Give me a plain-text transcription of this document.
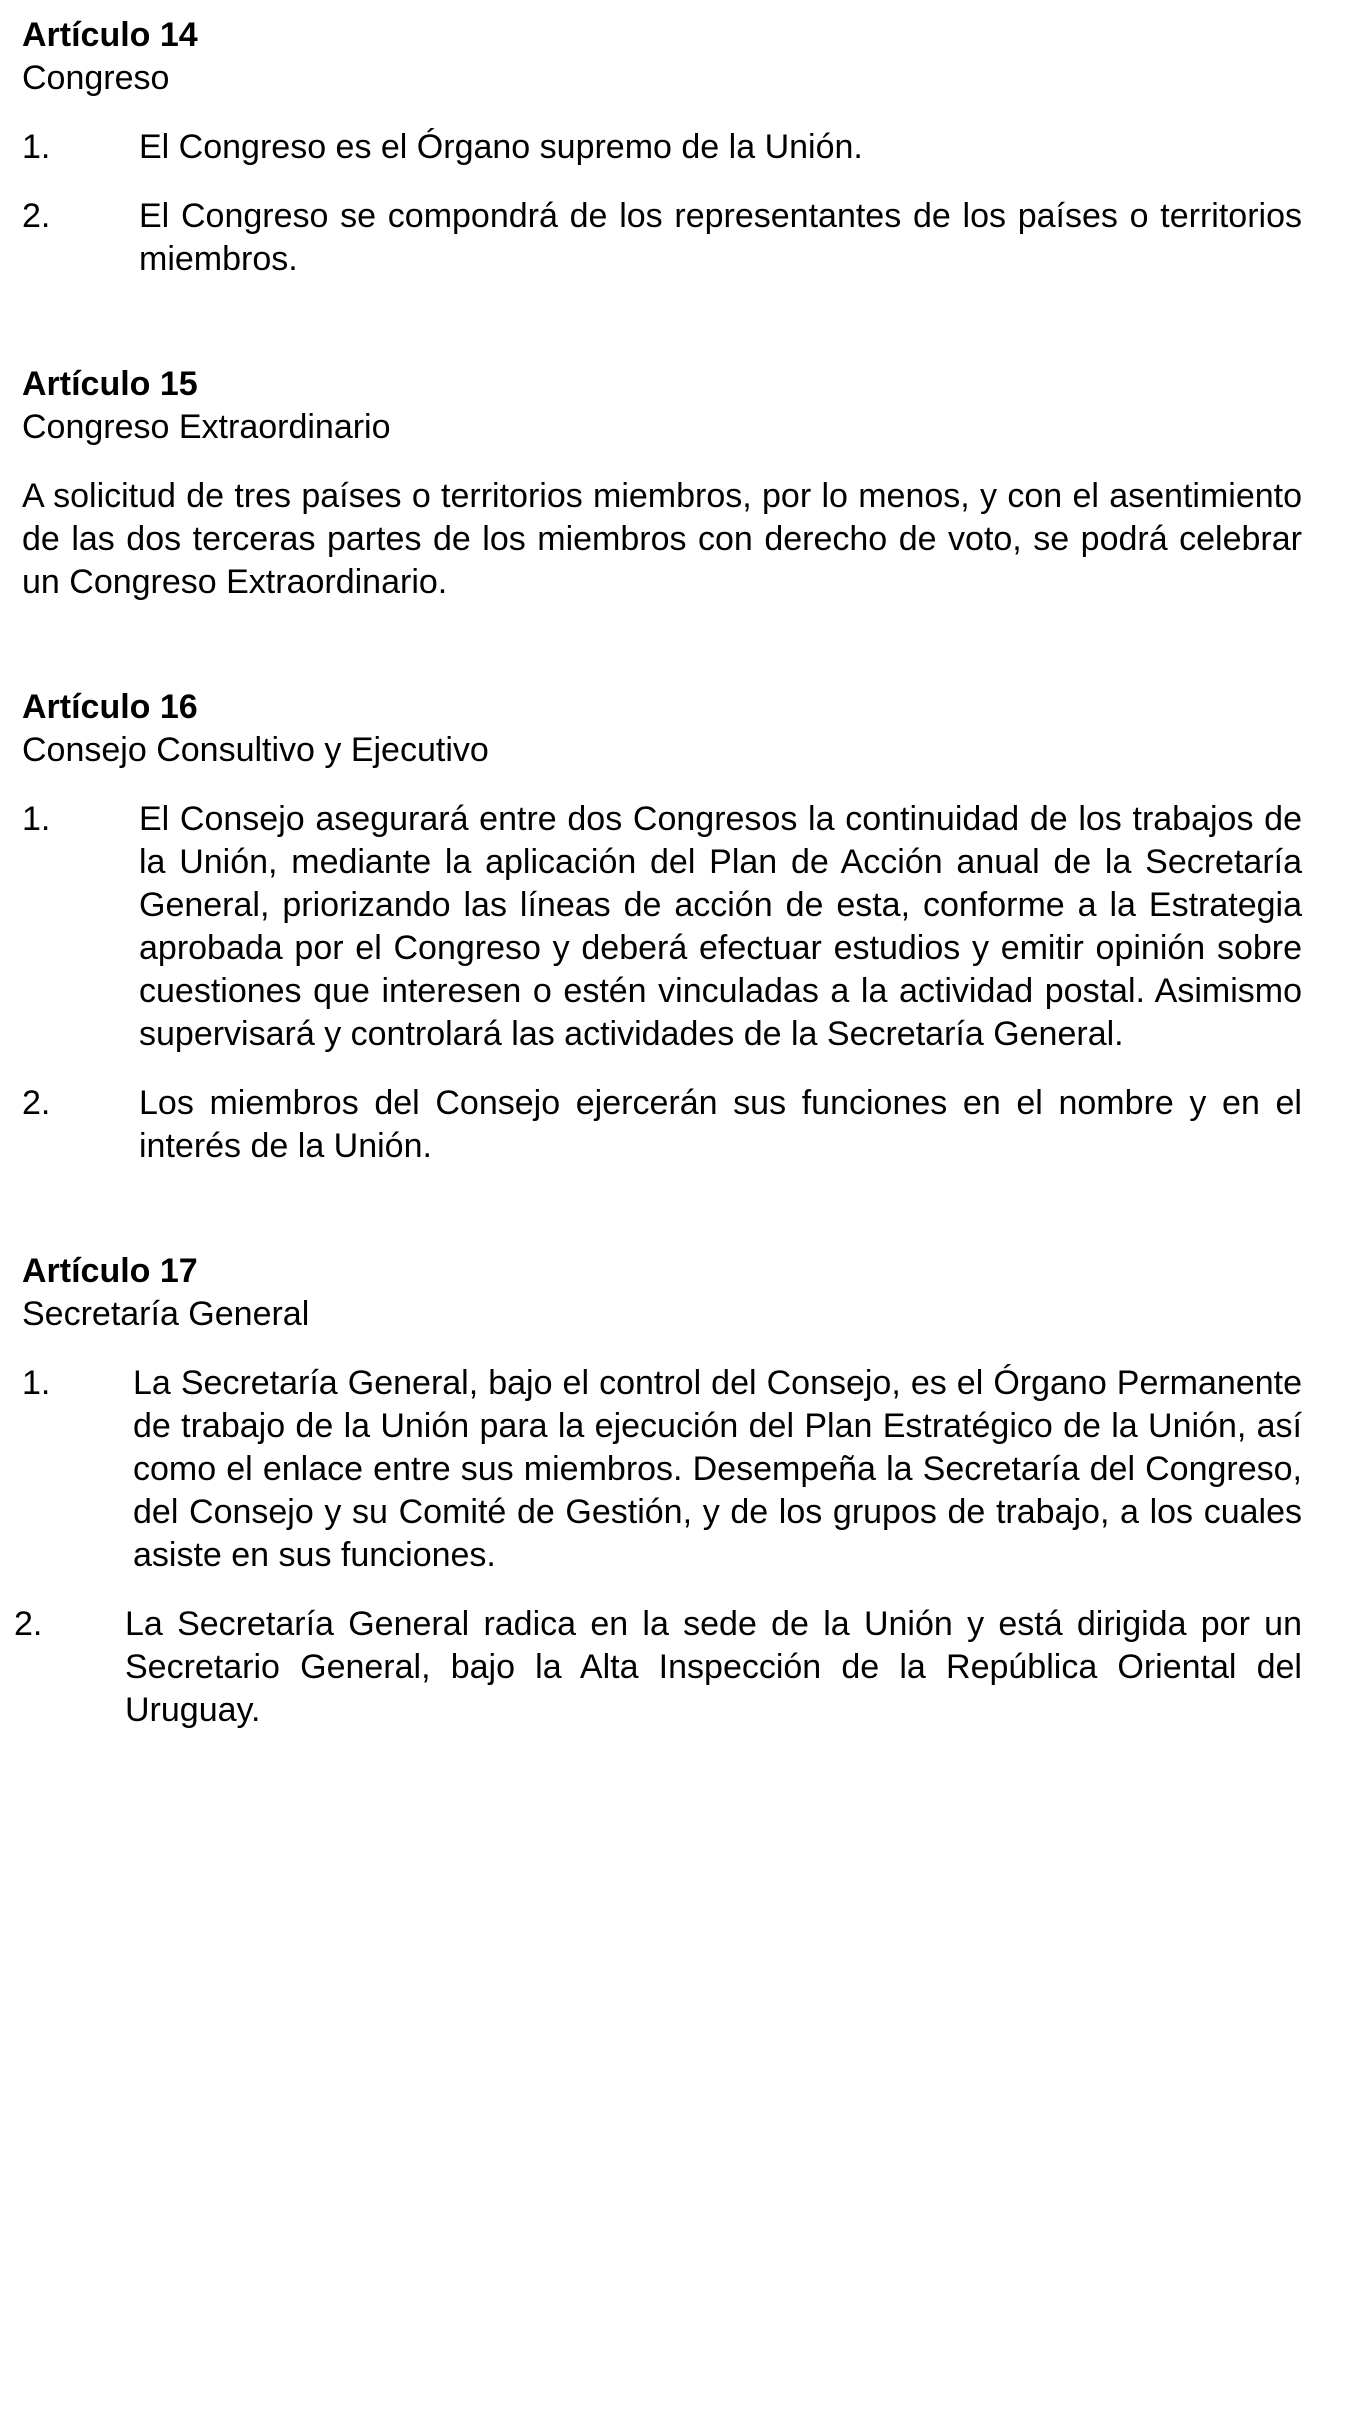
Artículo 14

Congreso

1.	El Congreso es el Órgano supremo de la Unión.
2.	El Congreso se compondrá de los representantes de los países o territorios miembros.

Artículo 15

Congreso Extraordinario

A solicitud de tres países o territorios miembros, por lo menos, y con el asentimiento de las dos terceras partes de los miembros con derecho de voto, se podrá celebrar un Congreso Extraordinario.

Artículo 16

Consejo Consultivo y Ejecutivo

1.	El Consejo asegurará entre dos Congresos la continuidad de los trabajos de la Unión, mediante la aplicación del Plan de Acción anual de la Secretaría General, priorizando las líneas de acción de esta, conforme a la Estrategia aprobada por el Congreso y deberá efectuar estudios y emitir opinión sobre cuestiones que interesen o estén vinculadas a la actividad postal. Asimismo supervisará y controlará las actividades de la Secretaría General.
2.	Los miembros del Consejo ejercerán sus funciones en el nombre y en el interés de la Unión.

Artículo 17

Secretaría General

1.	La Secretaría General, bajo el control del Consejo, es el Órgano Permanente de trabajo de la Unión para la ejecución del Plan Estratégico de la Unión, así como el enlace entre sus miembros. Desempeña la Secretaría del Congreso, del Consejo y su Comité de Gestión, y de los grupos de trabajo, a los cuales asiste en sus funciones.
2.	La Secretaría General radica en la sede de la Unión y está dirigida por un Secretario General, bajo la Alta Inspección de la República Oriental del Uruguay.
